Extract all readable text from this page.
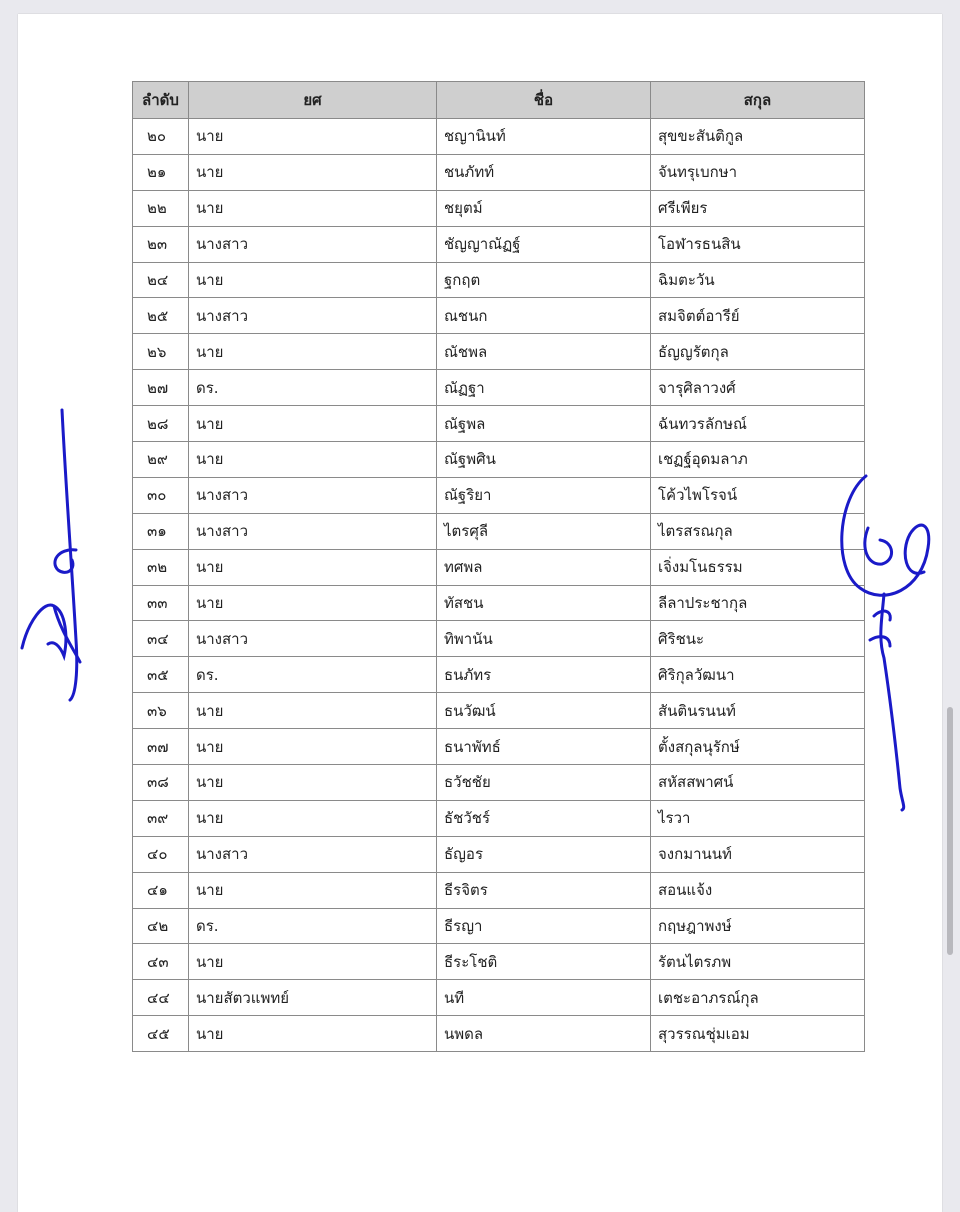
ลำดับ	ยศ	ชื่อ	สกุล
๒๐	นาย	ชญานินท์	สุขขะสันติกูล
๒๑	นาย	ชนภัทท์	จันทรุเบกษา
๒๒	นาย	ชยุตม์	ศรีเพียร
๒๓	นางสาว	ชัญญาณัฏฐ์	โอฬารธนสิน
๒๔	นาย	ฐกฤต	ฉิมตะวัน
๒๕	นางสาว	ณชนก	สมจิตต์อารีย์
๒๖	นาย	ณัชพล	ธัญญรัตกุล
๒๗	ดร.	ณัฏฐา	จารุศิลาวงศ์
๒๘	นาย	ณัฐพล	ฉันทวรลักษณ์
๒๙	นาย	ณัฐพศิน	เชฏฐ์อุดมลาภ
๓๐	นางสาว	ณัฐริยา	โค้วไพโรจน์
๓๑	นางสาว	ไตรศุลี	ไตรสรณกุล
๓๒	นาย	ทศพล	เจิ่งมโนธรรม
๓๓	นาย	ทัสชน	ลีลาประชากุล
๓๔	นางสาว	ทิพานัน	ศิริชนะ
๓๕	ดร.	ธนภัทร	ศิริกุลวัฒนา
๓๖	นาย	ธนวัฒน์	สันตินรนนท์
๓๗	นาย	ธนาพัทธ์	ตั้งสกุลนุรักษ์
๓๘	นาย	ธวัชชัย	สหัสสพาศน์
๓๙	นาย	ธัชวัชร์	ไรวา
๔๐	นางสาว	ธัญอร	จงกมานนท์
๔๑	นาย	ธีรจิตร	สอนแจ้ง
๔๒	ดร.	ธีรญา	กฤษฎาพงษ์
๔๓	นาย	ธีระโชติ	รัตนไตรภพ
๔๔	นายสัตวแพทย์	นที	เตชะอาภรณ์กุล
๔๕	นาย	นพดล	สุวรรณชุ่มเอม
